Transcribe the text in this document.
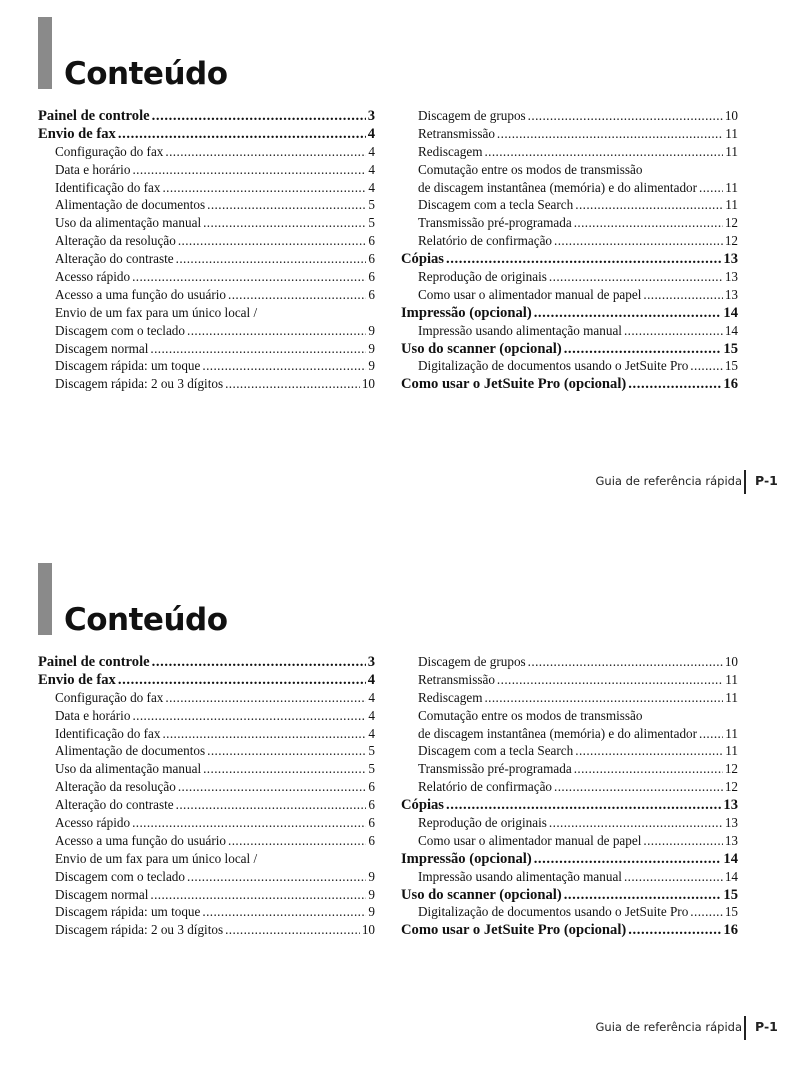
Conteúdo
Painel de controle .....	3
Envio de fax .....	4
Configuração do fax .....	4
Data e horário .....	4
Identificação do fax .....	4
Alimentação de documentos .....	5
Uso da alimentação manual .....	5
Alteração da resolução .....	6
Alteração do contraste .....	6
Acesso rápido .....	6
Acesso a uma função do usuário .....	6
Envio de um fax para um único local /
Discagem com o teclado .....	9
Discagem normal .....	9
Discagem rápida: um toque .....	9
Discagem rápida: 2 ou 3 dígitos .....	10
Discagem de grupos .....	10
Retransmissão .....	11
Rediscagem .....	11
Comutação entre os modos de transmissão
de discagem instantânea (memória) e do alimentador ..... 11
Discagem com a tecla Search .....	11
Transmissão pré-programada .....	12
Relatório de confirmação .....	12
Cópias .....	13
Reprodução de originais .....	13
Como usar o alimentador manual de papel .....	13
Impressão (opcional) .....	14
Impressão usando alimentação manual .....	14
Uso do scanner (opcional) .....	15
Digitalização de documentos usando o JetSuite Pro .....	15
Como usar o JetSuite Pro (opcional) .....	16
Guia de referência rápida P-1
Conteúdo
Painel de controle .....	3
Envio de fax .....	4
Configuração do fax .....	4
Data e horário .....	4
Identificação do fax .....	4
Alimentação de documentos .....	5
Uso da alimentação manual .....	5
Alteração da resolução .....	6
Alteração do contraste .....	6
Acesso rápido .....	6
Acesso a uma função do usuário .....	6
Envio de um fax para um único local /
Discagem com o teclado .....	9
Discagem normal .....	9
Discagem rápida: um toque .....	9
Discagem rápida: 2 ou 3 dígitos .....	10
Discagem de grupos .....	10
Retransmissão .....	11
Rediscagem .....	11
Comutação entre os modos de transmissão
de discagem instantânea (memória) e do alimentador ..... 11
Discagem com a tecla Search .....	11
Transmissão pré-programada .....	12
Relatório de confirmação .....	12
Cópias .....	13
Reprodução de originais .....	13
Como usar o alimentador manual de papel .....	13
Impressão (opcional) .....	14
Impressão usando alimentação manual .....	14
Uso do scanner (opcional) .....	15
Digitalização de documentos usando o JetSuite Pro .....	15
Como usar o JetSuite Pro (opcional) .....	16
Guia de referência rápida P-1
